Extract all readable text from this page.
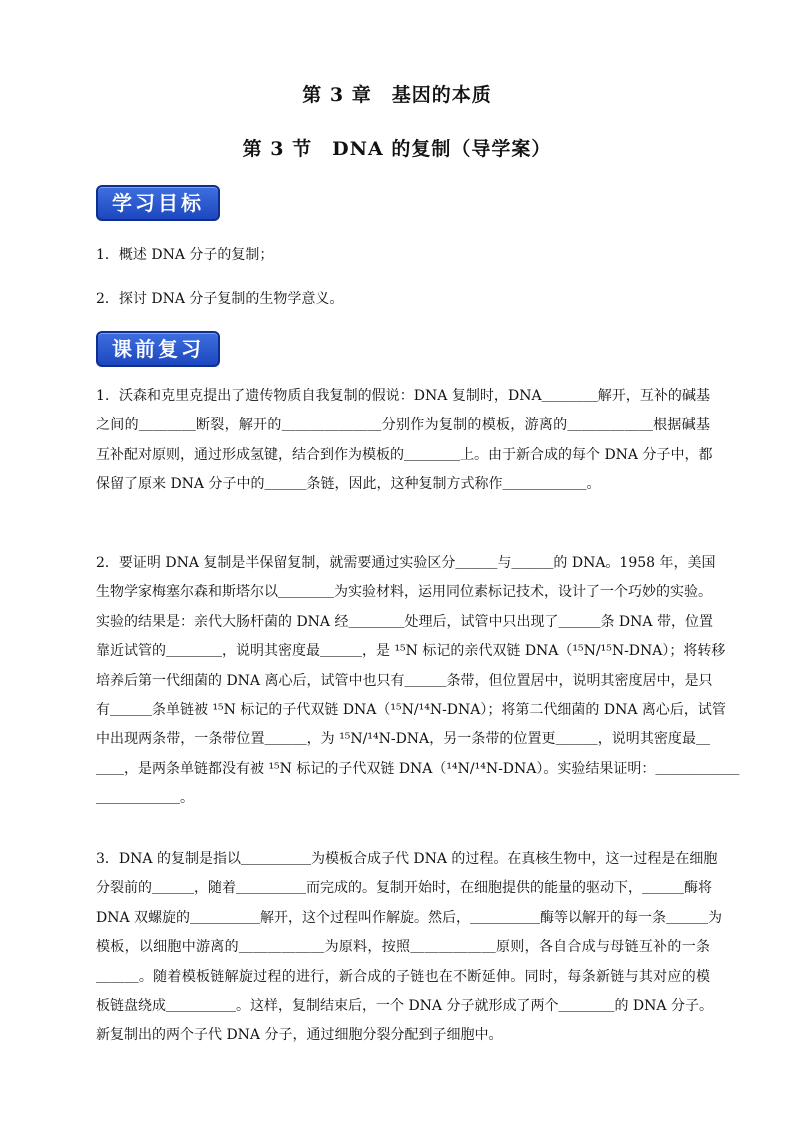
第 3 章　基因的本质
第 3 节　DNA 的复制（导学案）
学习目标
1．概述 DNA 分子的复制；
2．探讨 DNA 分子复制的生物学意义。
课前复习
1．沃森和克里克提出了遗传物质自我复制的假说：DNA 复制时，DNA＿＿＿＿解开，互补的碱基
之间的＿＿＿＿断裂，解开的＿＿＿＿＿＿＿分别作为复制的模板，游离的＿＿＿＿＿＿根据碱基
互补配对原则，通过形成氢键，结合到作为模板的＿＿＿＿上。由于新合成的每个 DNA 分子中，都
保留了原来 DNA 分子中的＿＿＿条链，因此，这种复制方式称作＿＿＿＿＿＿。
2．要证明 DNA 复制是半保留复制，就需要通过实验区分＿＿＿与＿＿＿的 DNA。1958 年，美国
生物学家梅塞尔森和斯塔尔以＿＿＿＿为实验材料，运用同位素标记技术，设计了一个巧妙的实验。
实验的结果是：亲代大肠杆菌的 DNA 经＿＿＿＿处理后，试管中只出现了＿＿＿条 DNA 带，位置
靠近试管的＿＿＿＿，说明其密度最＿＿＿，是 ¹⁵N 标记的亲代双链 DNA（¹⁵N/¹⁵N-DNA）；将转移
培养后第一代细菌的 DNA 离心后，试管中也只有＿＿＿条带，但位置居中，说明其密度居中，是只
有＿＿＿条单链被 ¹⁵N 标记的子代双链 DNA（¹⁵N/¹⁴N-DNA）；将第二代细菌的 DNA 离心后，试管
中出现两条带，一条带位置＿＿＿，为 ¹⁵N/¹⁴N-DNA，另一条带的位置更＿＿＿，说明其密度最＿
＿＿，是两条单链都没有被 ¹⁵N 标记的子代双链 DNA（¹⁴N/¹⁴N-DNA）。实验结果证明：＿＿＿＿＿＿
＿＿＿＿＿＿。
3．DNA 的复制是指以＿＿＿＿＿为模板合成子代 DNA 的过程。在真核生物中，这一过程是在细胞
分裂前的＿＿＿，随着＿＿＿＿＿而完成的。复制开始时，在细胞提供的能量的驱动下，＿＿＿酶将
DNA 双螺旋的＿＿＿＿＿解开，这个过程叫作解旋。然后，＿＿＿＿＿酶等以解开的每一条＿＿＿为
模板，以细胞中游离的＿＿＿＿＿＿为原料，按照＿＿＿＿＿＿原则，各自合成与母链互补的一条
＿＿＿。随着模板链解旋过程的进行，新合成的子链也在不断延伸。同时，每条新链与其对应的模
板链盘绕成＿＿＿＿＿。这样，复制结束后，一个 DNA 分子就形成了两个＿＿＿＿的 DNA 分子。
新复制出的两个子代 DNA 分子，通过细胞分裂分配到子细胞中。
